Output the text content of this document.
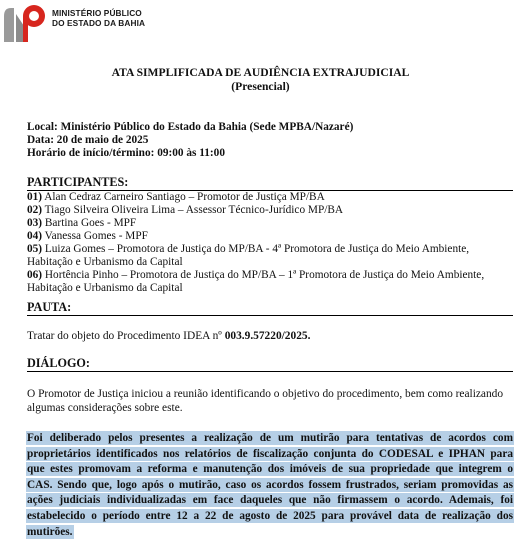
MINISTÉRIO PÚBLICO
DO ESTADO DA BAHIA
ATA SIMPLIFICADA DE AUDIÊNCIA EXTRAJUDICIAL
(Presencial)
Local: Ministério Público do Estado da Bahia (Sede MPBA/Nazaré)
Data: 20 de maio de 2025
Horário de início/término: 09:00 às 11:00
PARTICIPANTES:
01) Alan Cedraz Carneiro Santiago – Promotor de Justiça MP/BA
02) Tiago Silveira Oliveira Lima – Assessor Técnico-Jurídico MP/BA
03) Bartina Goes - MPF
04) Vanessa Gomes - MPF
05) Luiza Gomes – Promotora de Justiça do MP/BA - 4ª Promotora de Justiça do Meio Ambiente,
Habitação e Urbanismo da Capital
06) Hortência Pinho – Promotora de Justiça do MP/BA – 1ª Promotora de Justiça do Meio Ambiente,
Habitação e Urbanismo da Capital
PAUTA:
Tratar do objeto do Procedimento IDEA nº 003.9.57220/2025.
DIÁLOGO:
O Promotor de Justiça iniciou a reunião identificando o objetivo do procedimento, bem como realizando
algumas considerações sobre este.
Foi deliberado pelos presentes a realização de um mutirão para tentativas de acordos com
proprietários identificados nos relatórios de fiscalização conjunta do CODESAL e IPHAN para
que estes promovam a reforma e manutenção dos imóveis de sua propriedade que integrem o
CAS. Sendo que, logo após o mutirão, caso os acordos fossem frustrados, seriam promovidas as
ações judiciais individualizadas em face daqueles que não firmassem o acordo. Ademais, foi
estabelecido o período entre 12 a 22 de agosto de 2025 para provável data de realização dos
mutirões.
